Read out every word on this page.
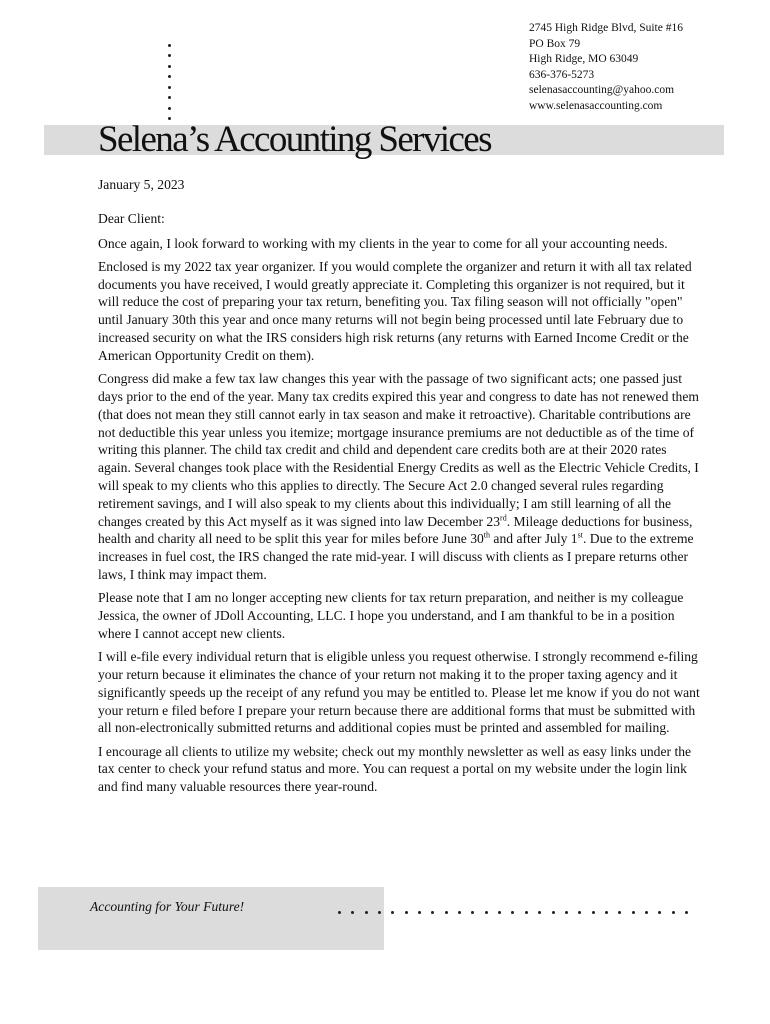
2745 High Ridge Blvd, Suite #16
PO Box 79
High Ridge, MO 63049
636-376-5273
selenasaccounting@yahoo.com
www.selenasaccounting.com
Selena’s Accounting Services

January 5, 2023

Dear Client:

Once again, I look forward to working with my clients in the year to come for all your accounting needs.

Enclosed is my 2022 tax year organizer. If you would complete the organizer and return it with all tax related documents you have received, I would greatly appreciate it. Completing this organizer is not required, but it will reduce the cost of preparing your tax return, benefiting you. Tax filing season will not officially "open" until January 30th this year and once many returns will not begin being processed until late February due to increased security on what the IRS considers high risk returns (any returns with Earned Income Credit or the American Opportunity Credit on them).

Congress did make a few tax law changes this year with the passage of two significant acts; one passed just days prior to the end of the year. Many tax credits expired this year and congress to date has not renewed them (that does not mean they still cannot early in tax season and make it retroactive). Charitable contributions are not deductible this year unless you itemize; mortgage insurance premiums are not deductible as of the time of writing this planner. The child tax credit and child and dependent care credits both are at their 2020 rates again. Several changes took place with the Residential Energy Credits as well as the Electric Vehicle Credits, I will speak to my clients who this applies to directly. The Secure Act 2.0 changed several rules regarding retirement savings, and I will also speak to my clients about this individually; I am still learning of all the changes created by this Act myself as it was signed into law December 23rd. Mileage deductions for business, health and charity all need to be split this year for miles before June 30th and after July 1st. Due to the extreme increases in fuel cost, the IRS changed the rate mid-year. I will discuss with clients as I prepare returns other laws, I think may impact them.

Please note that I am no longer accepting new clients for tax return preparation, and neither is my colleague Jessica, the owner of JDoll Accounting, LLC. I hope you understand, and I am thankful to be in a position where I cannot accept new clients.

I will e-file every individual return that is eligible unless you request otherwise. I strongly recommend e-filing your return because it eliminates the chance of your return not making it to the proper taxing agency and it significantly speeds up the receipt of any refund you may be entitled to. Please let me know if you do not want your return e filed before I prepare your return because there are additional forms that must be submitted with all non-electronically submitted returns and additional copies must be printed and assembled for mailing.

I encourage all clients to utilize my website; check out my monthly newsletter as well as easy links under the tax center to check your refund status and more. You can request a portal on my website under the login link and find many valuable resources there year-round.

Accounting for Your Future!
